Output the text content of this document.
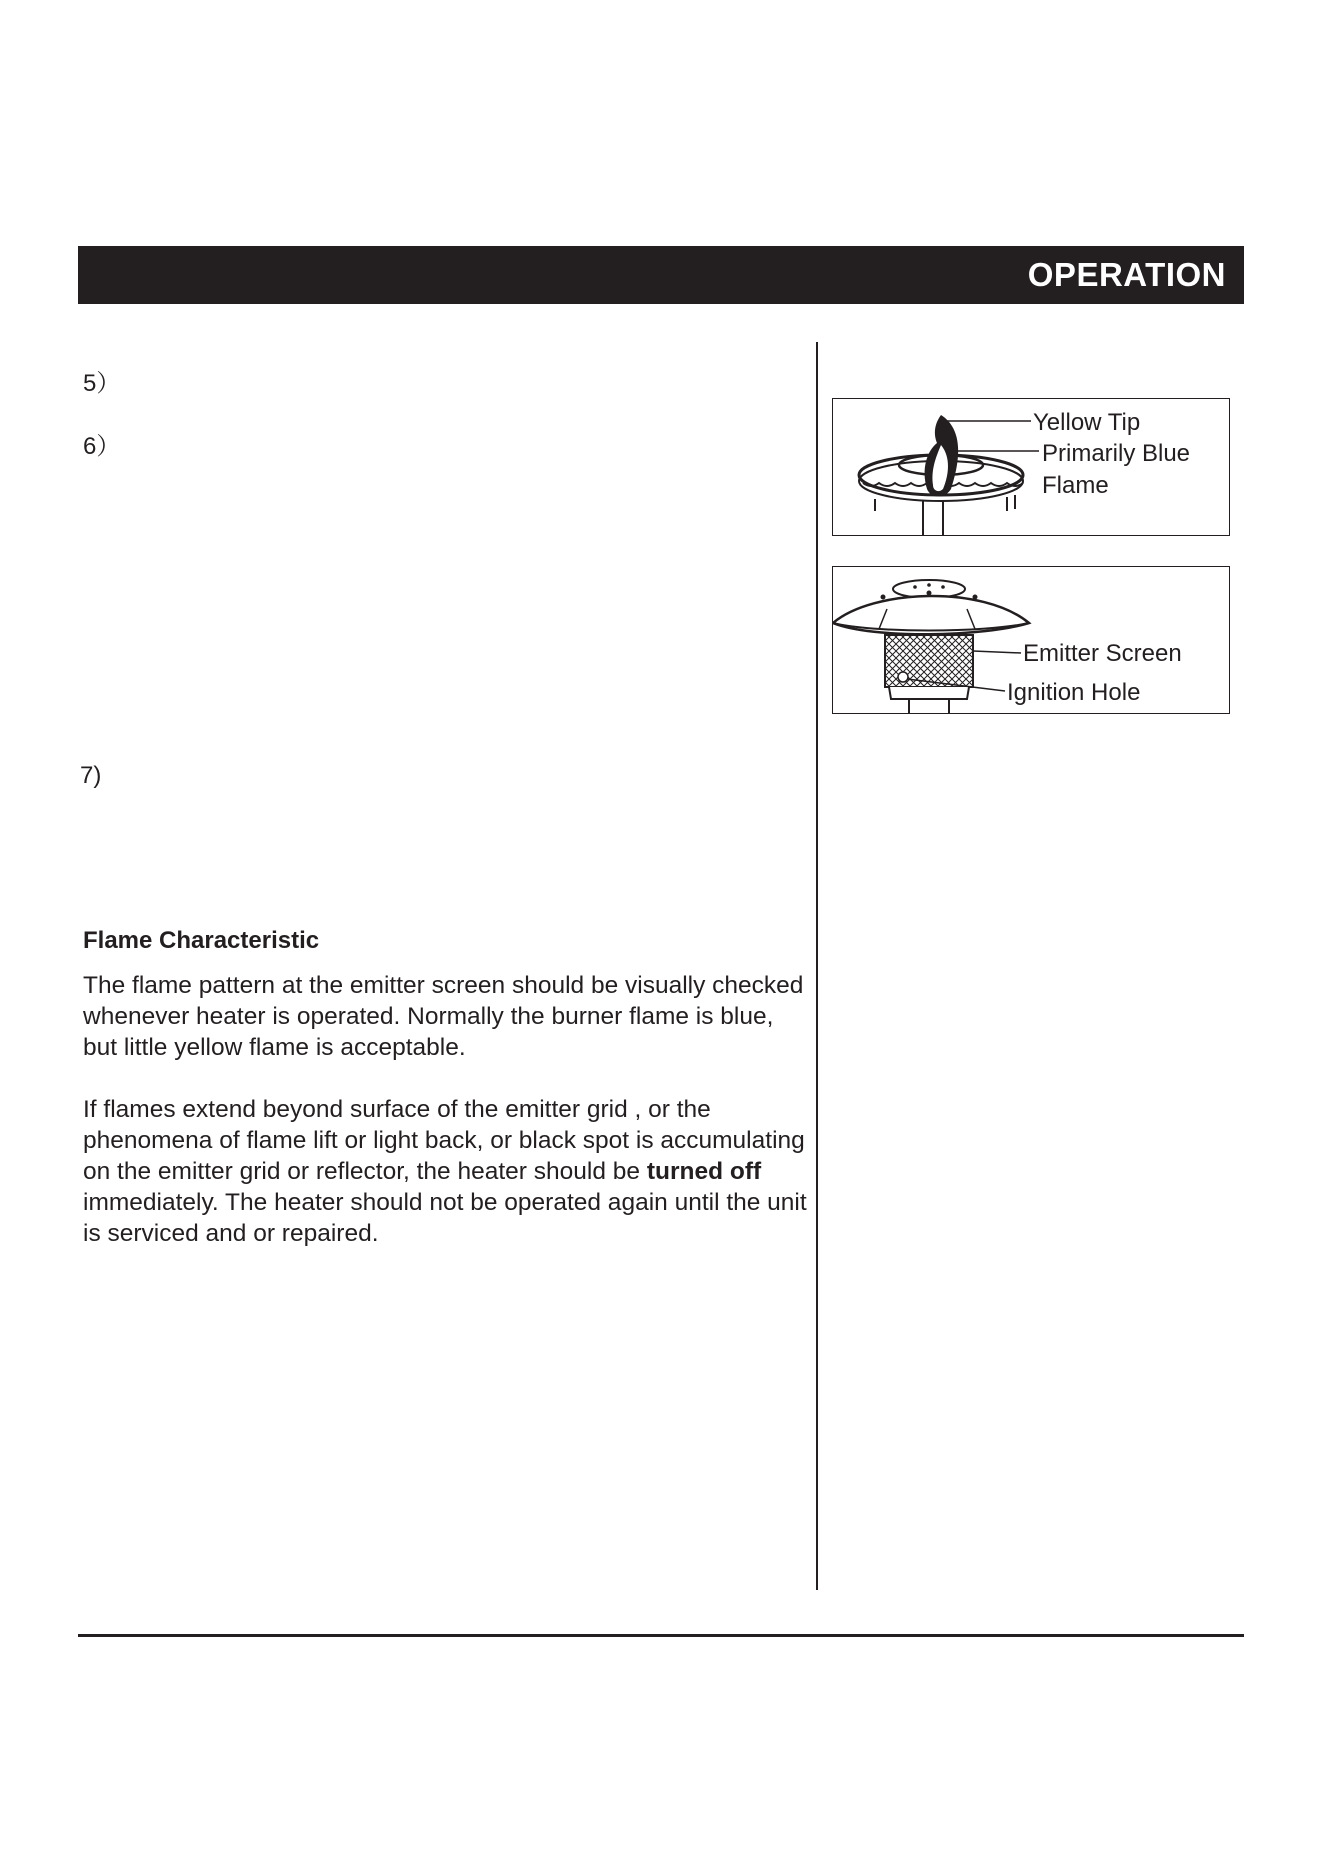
OPERATION
5）
6）
7)
Flame Characteristic

The flame pattern at the emitter screen should be visually checked whenever heater is operated. Normally the burner flame is blue, but little yellow flame is acceptable.

If flames extend beyond surface of the emitter grid , or the phenomena of flame lift or light back, or black spot is accumulating on the emitter grid or reflector, the heater should be turned off immediately. The heater should not be operated again until the unit is serviced and or repaired.

Yellow Tip
Primarily Blue
Flame
Emitter Screen
Ignition Hole
